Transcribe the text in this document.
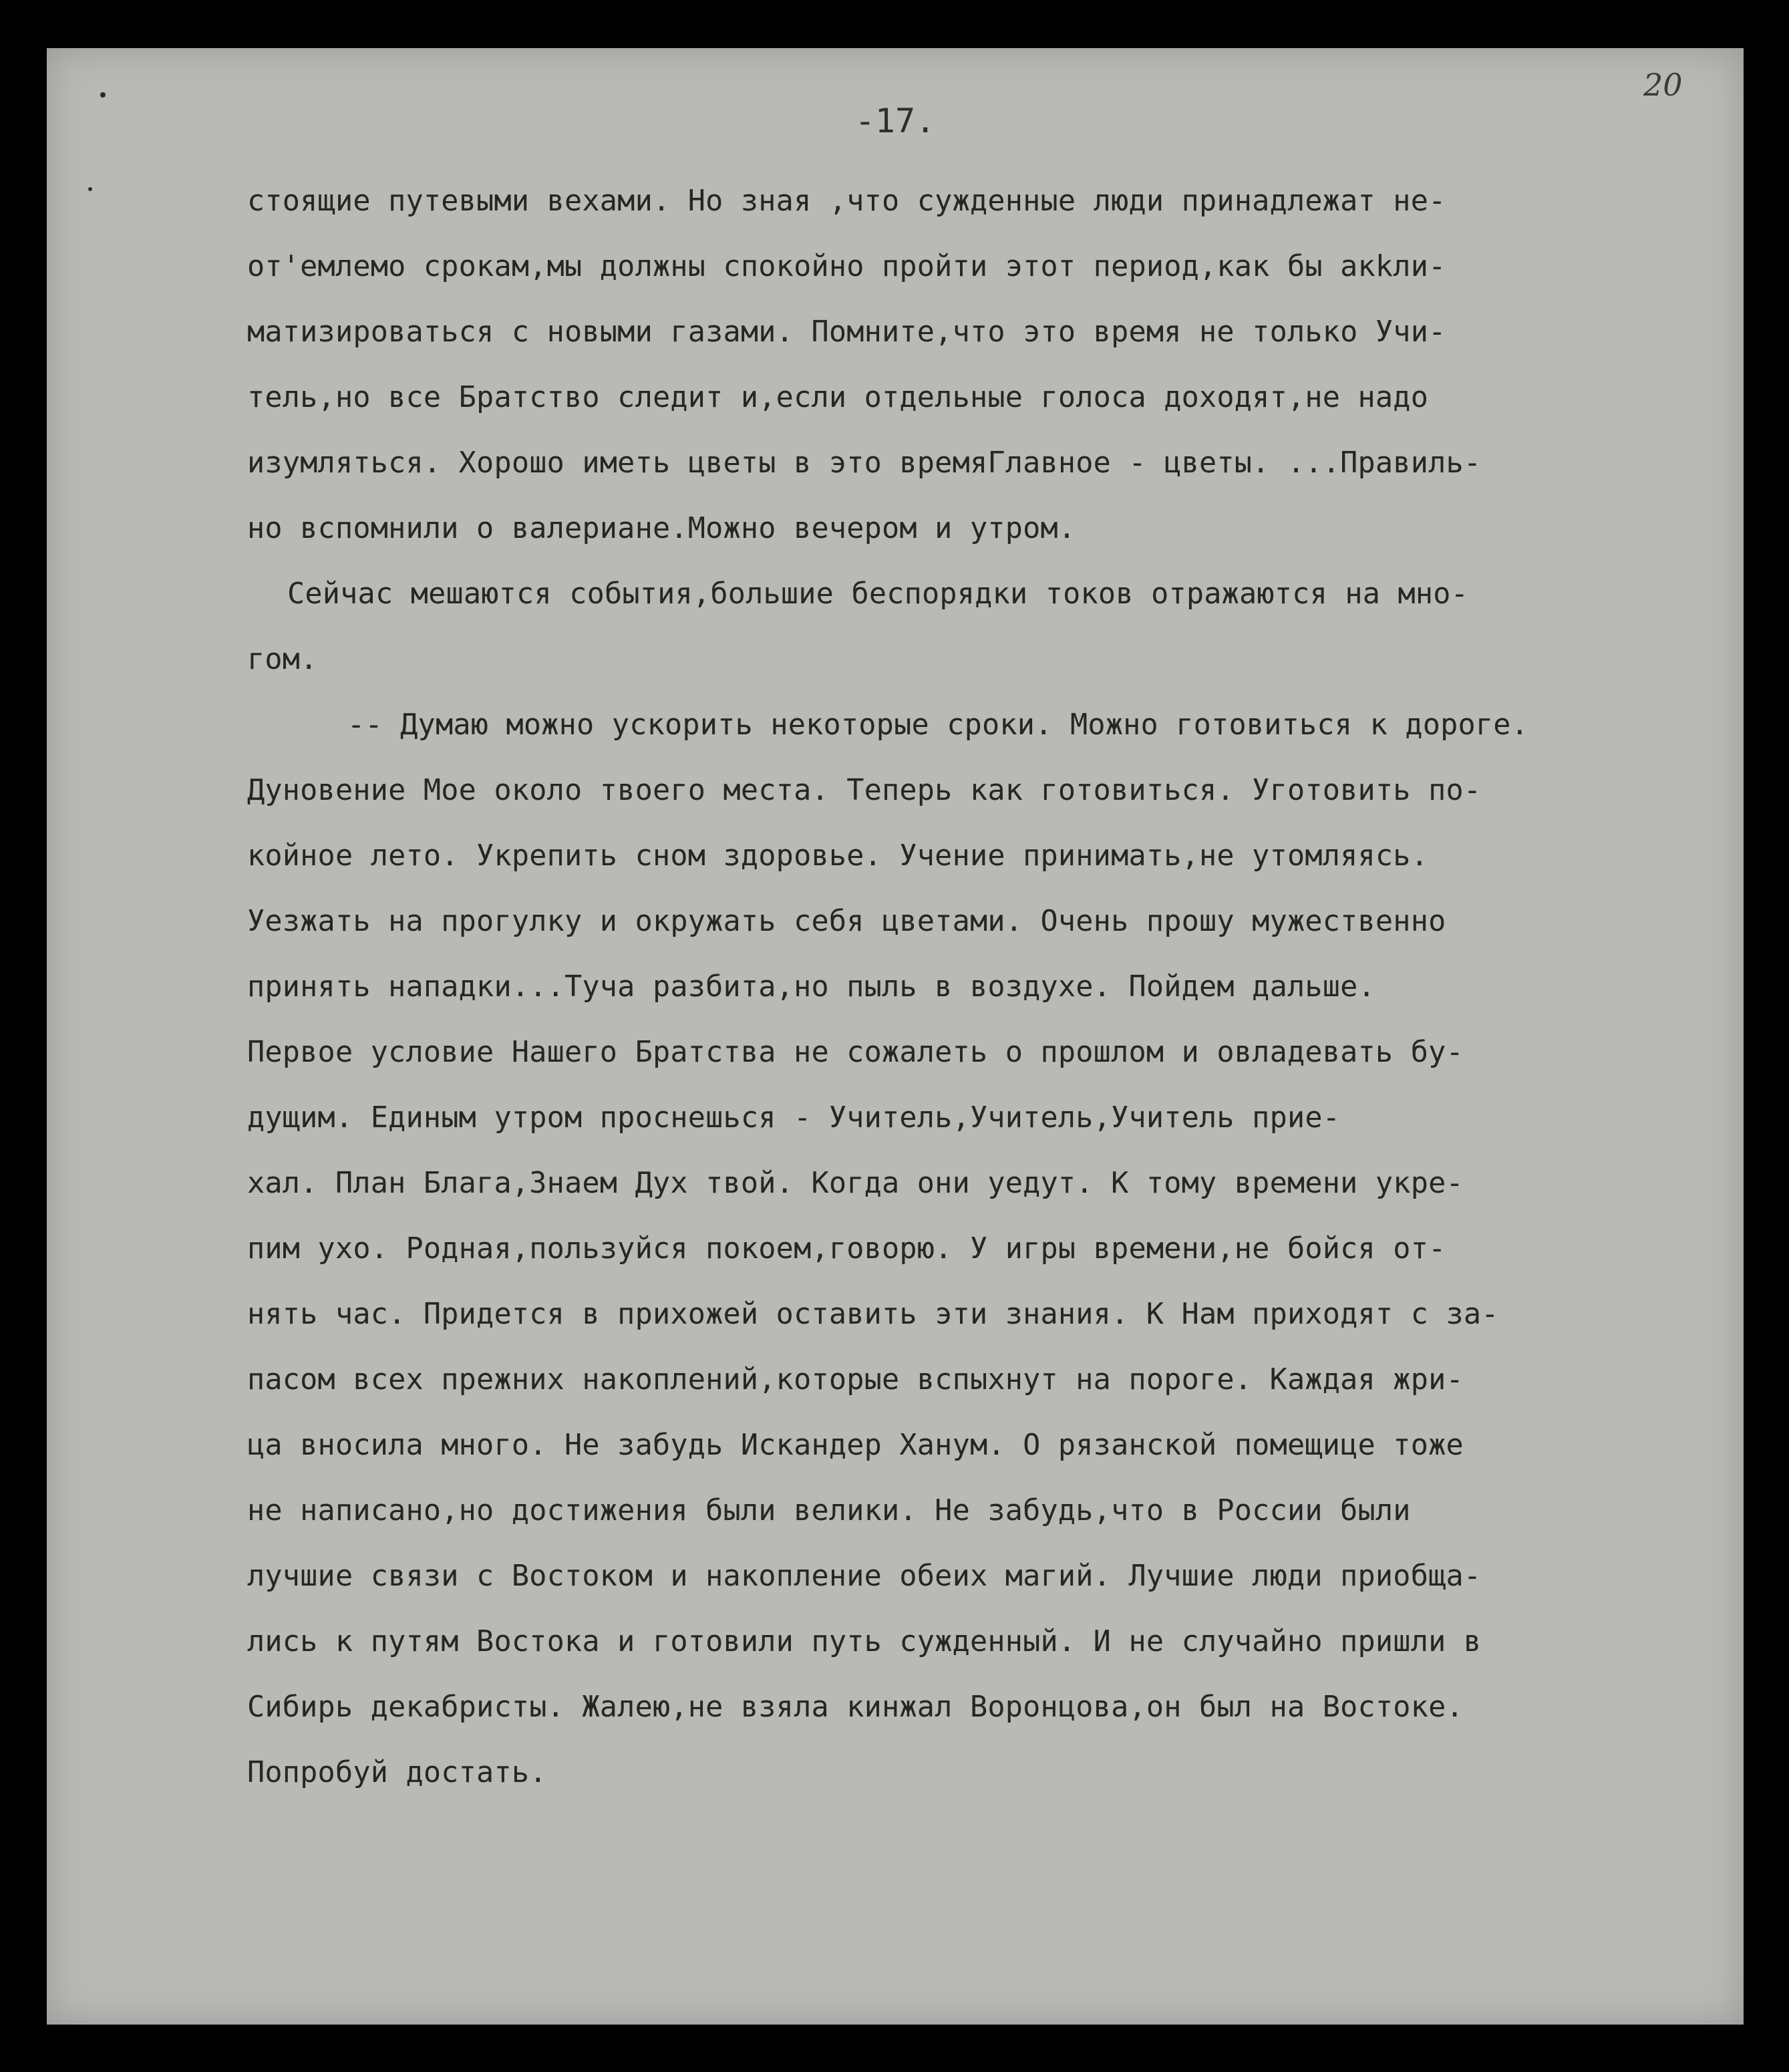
-17.

20
стоящие путевыми вехами. Но зная ,что сужденные люди принадлежат не-
от'емлемо срокам,мы должны спокойно пройти этот период,как бы акkли-
матизироваться с новыми газами. Помните,что это время не только Учи-
тель,но все Братство следит и,если отдельные голоса доходят,не надо
изумляться. Хорошо иметь цветы в это времяГлавное - цветы. ...Правиль-
но вспомнили о валериане.Можно вечером и утром.
Сейчас мешаются события,большие беспорядки токов отражаются на мно-
гом.
-- Думаю можно ускорить некоторые сроки. Можно готовиться к дороге.
Дуновение Мое около твоего места. Теперь как готовиться. Уготовить по-
койное лето. Укрепить сном здоровье. Учение принимать,не утомляясь.
Уезжать на прогулку и окружать себя цветами. Очень прошу мужественно
принять нападки...Туча разбита,но пыль в воздухе. Пойдем дальше.
Первое условие Нашего Братства не сожалеть о прошлом и овладевать бу-
дущим. Единым утром проснешься - Учитель,Учитель,Учитель прие-
хал. План Блага,Знаем Дух твой. Когда они уедут. К тому времени укре-
пим ухо. Родная,пользуйся покоем,говорю. У игры времени,не бойся от-
нять час. Придется в прихожей оставить эти знания. К Нам приходят с за-
пасом всех прежних накоплений,которые вспыхнут на пороге. Каждая жри-
ца вносила много. Не забудь Искандер Ханум. О рязанской помещице тоже
не написано,но достижения были велики. Не забудь,что в России были
лучшие связи с Востоком и накопление обеих магий. Лучшие люди приобща-
лись к путям Востока и готовили путь сужденный. И не случайно пришли в
Сибирь декабристы. Жалею,не взяла кинжал Воронцова,он был на Востоке.
Попробуй достать.
